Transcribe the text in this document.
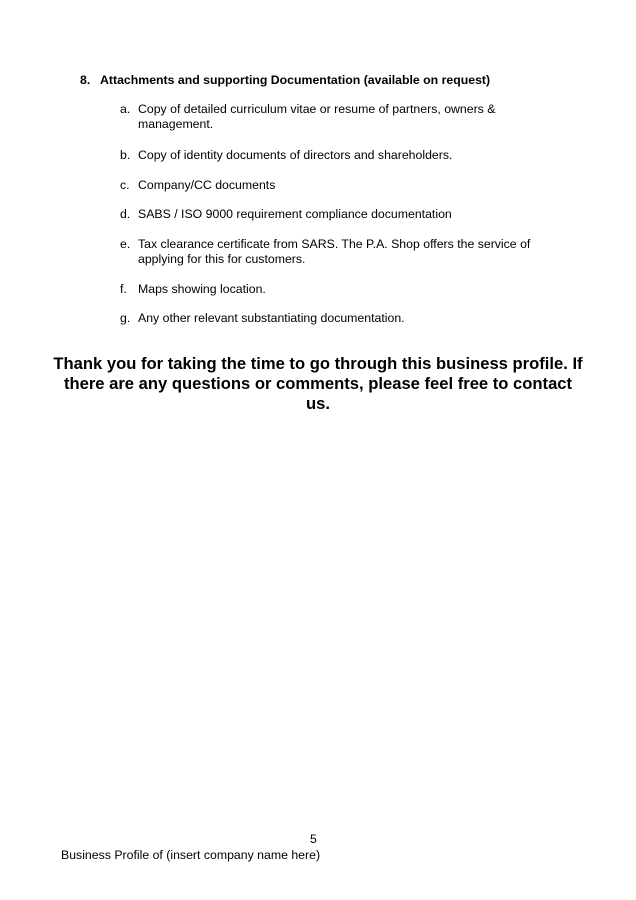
8. Attachments and supporting Documentation (available on request)
a. Copy of detailed curriculum vitae or resume of partners, owners & management.
b. Copy of identity documents of directors and shareholders.
c. Company/CC documents
d. SABS / ISO 9000 requirement compliance documentation
e. Tax clearance certificate from SARS. The P.A. Shop offers the service of applying for this for customers.
f. Maps showing location.
g. Any other relevant substantiating documentation.
Thank you for taking the time to go through this business profile. If there are any questions or comments, please feel free to contact us.
5
Business Profile of (insert company name here)
